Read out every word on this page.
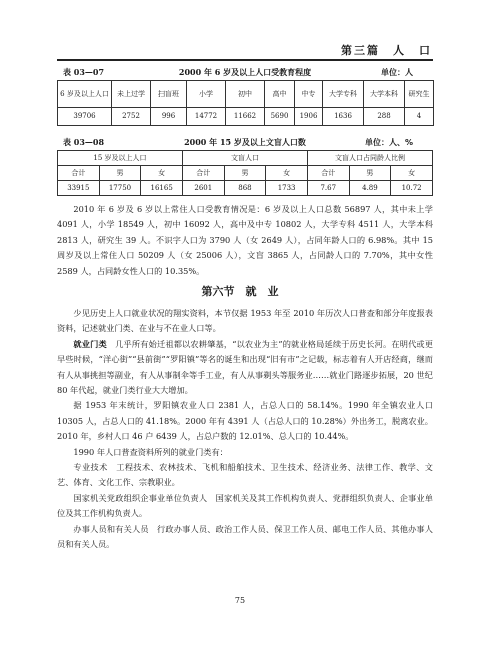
第三篇　人　口
表 03—07	2000 年 6 岁及以上人口受教育程度	单位：人
6 岁及以上人口	未上过学	扫盲班	小学	初中	高中	中专	大学专科	大学本科	研究生
39706	2752	996	14772	11662	5690	1906	1636	288	4
表 03—08	2000 年 15 岁及以上文盲人口数	单位：人、%
15 岁及以上人口			文盲人口			文盲人口占同龄人比例		
合计	男	女	合计	男	女	合计	男	女
33915	17750	16165	2601	868	1733	7.67	4.89	10.72

2010 年 6 岁及 6 岁以上常住人口受教育情况是：6 岁及以上人口总数 56897 人，其中未上学 4091 人，小学 18549 人，初中 16092 人，高中及中专 10802 人，大学专科 4511 人，大学本科 2813 人，研究生 39 人。不识字人口为 3790 人（女 2649 人），占同年龄人口的 6.98%。其中 15 周岁及以上常住人口 50209 人（女 25006 人），文盲 3865 人，占同龄人口的 7.70%，其中女性 2589 人，占同龄女性人口的 10.35%。

第六节　就　业

少见历史上人口就业状况的翔实资料，本节仅据 1953 年至 2010 年历次人口普查和部分年度报表资料，记述就业门类、在业与不在业人口等。

就业门类　 几乎所有始迁祖都以农耕肇基，“以农业为主”的就业格局延续于历史长河。在明代或更早些时候，“洋心街”“县前街”“罗阳镇”等名的诞生和出现“旧有市”之记载，标志着有人开店经商，继而有人从事挑担等副业，有人从事制伞等手工业，有人从事剃头等服务业……就业门路逐步拓展，20 世纪 80 年代起，就业门类行业大大增加。

据 1953 年末统计，罗阳镇农业人口 2381 人，占总人口的 58.14%。1990 年全镇农业人口 10305 人，占总人口的 41.18%。2000 年有 4391 人（占总人口的 10.28%）外出务工，脱离农业。2010 年，乡村人口 46 户 6439 人，占总户数的 12.01%、总人口的 10.44%。

1990 年人口普查资料所列的就业门类有：

专业技术　工程技术、农林技术、飞机和船舶技术、卫生技术、经济业务、法律工作、教学、文艺、体育、文化工作、宗教职业。

国家机关党政组织企事业单位负责人　国家机关及其工作机构负责人、党群组织负责人、企事业单位及其工作机构负责人。

办事人员和有关人员　行政办事人员、政治工作人员、保卫工作人员、邮电工作人员、其他办事人员和有关人员。

75
